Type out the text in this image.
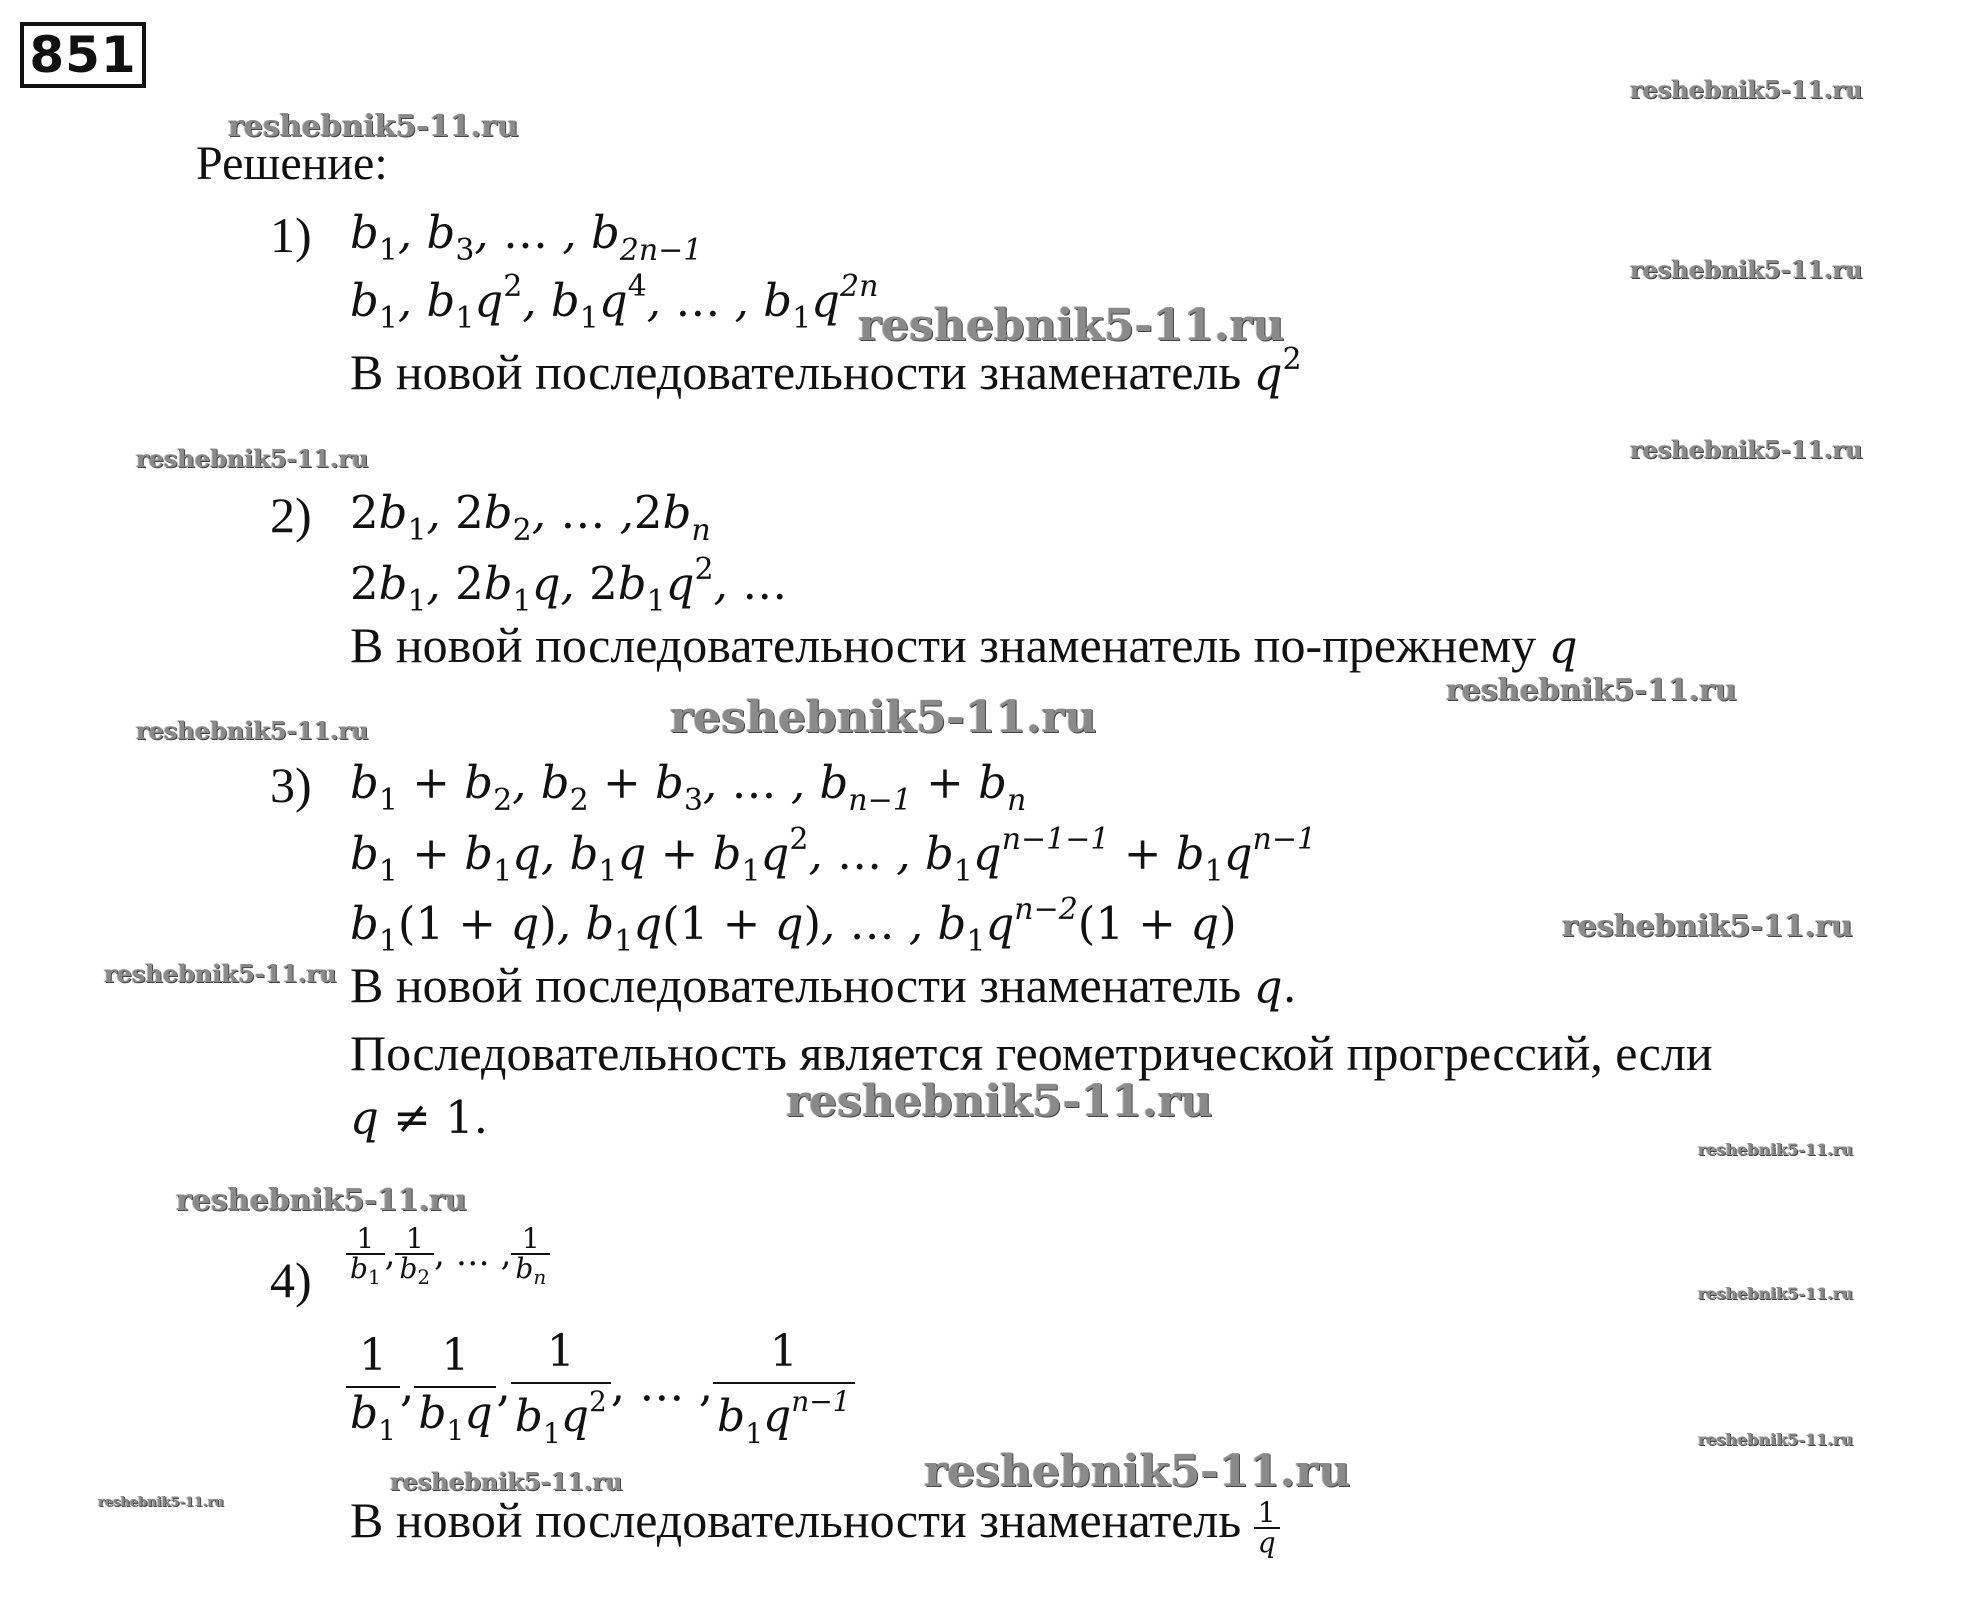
851
Решение:
1) $b_1$, $b_3$, … , $b_{2n-1}$
$b_1$, $b_1q^2$, $b_1q^4$, … , $b_1q^{2n}$
В новой последовательности знаменатель $q^2$
2) $2b_1$, $2b_2$, … $,2b_n$
$2b_1$, $2b_1q$, $2b_1q^2$, …
В новой последовательности знаменатель по-прежнему q
3) $b_1 + b_2$, $b_2 + b_3$, … , $b_{n-1} + b_n$
$b_1 + b_1q$, $b_1q + b_1q^2$, … , $b_1q^{n-1-1} + b_1q^{n-1}$
$b_1(1 + q)$, $b_1q(1 + q)$, … , $b_1q^{n-2}(1 + q)$
В новой последовательности знаменатель q.
Последовательность является геометрической прогрессий, если
q ≠ 1.
$4) \frac{1}{b_1}$ , $\frac{1}{b_2}$ , … , $\frac{1}{b_n}$
$\frac{1}{b_1}$ , $\frac{1}{b_1q}$ , $\frac{1}{b_1q^2}$ , … , $\frac{1}{b_1q^{n-1}}$
В новой последовательности знаменатель $\frac{1}{q}$
reshebnik5-11.ru
reshebnik5-11.ru
reshebnik5-11.ru
reshebnik5-11.ru
reshebnik5-11.ru	reshebnik5-11.ru
reshebnik5-11.ru
reshebnik5-11.ru	reshebnik5-11.ru
reshebnik5-11.ru
reshebnik5-11.ru
reshebnik5-11.ru
reshebnik5-11.ru
reshebnik5-11.ru
reshebnik5-11.ru
reshebnik5-11.ru
reshebnik5-11.ru
reshebnik5-11.ru
reshebnik5-11.ru
